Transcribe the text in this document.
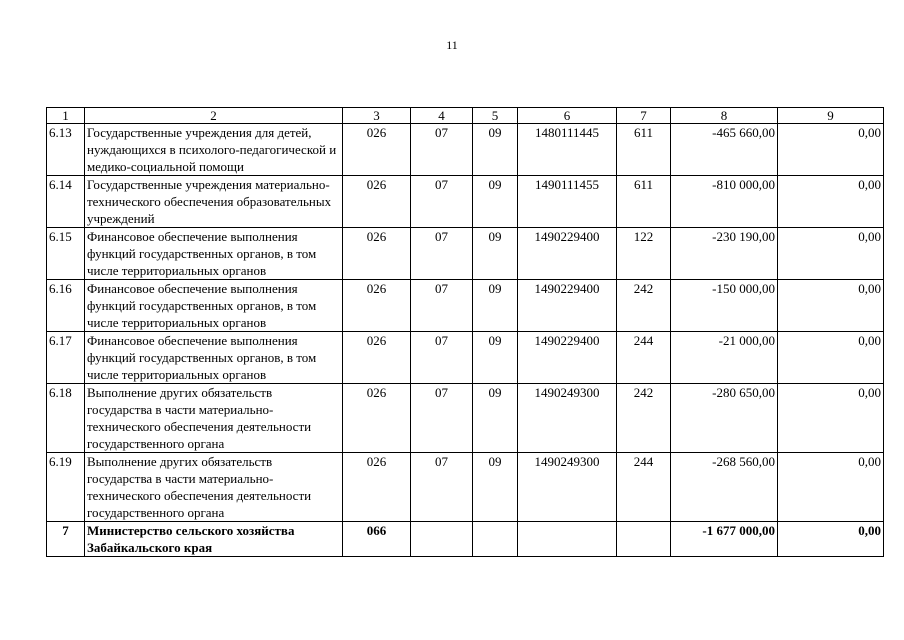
11
1	2	3	4	5	6	7	8	9
6.13	Государственные учреждения для детей, нуждающихся в психолого-педагогической и медико-социальной помощи	026	07	09	1480111445	611	-465 660,00	0,00
6.14	Государственные учреждения материально-технического обеспечения образовательных учреждений	026	07	09	1490111455	611	-810 000,00	0,00
6.15	Финансовое обеспечение выполнения функций государственных органов, в том числе территориальных органов	026	07	09	1490229400	122	-230 190,00	0,00
6.16	Финансовое обеспечение выполнения функций государственных органов, в том числе территориальных органов	026	07	09	1490229400	242	-150 000,00	0,00
6.17	Финансовое обеспечение выполнения функций государственных органов, в том числе территориальных органов	026	07	09	1490229400	244	-21 000,00	0,00
6.18	Выполнение других обязательств государства в части материально-технического обеспечения деятельности государственного органа	026	07	09	1490249300	242	-280 650,00	0,00
6.19	Выполнение других обязательств государства в части материально-технического обеспечения деятельности государственного органа	026	07	09	1490249300	244	-268 560,00	0,00
7	Министерство сельского хозяйства Забайкальского края	066					-1 677 000,00	0,00
